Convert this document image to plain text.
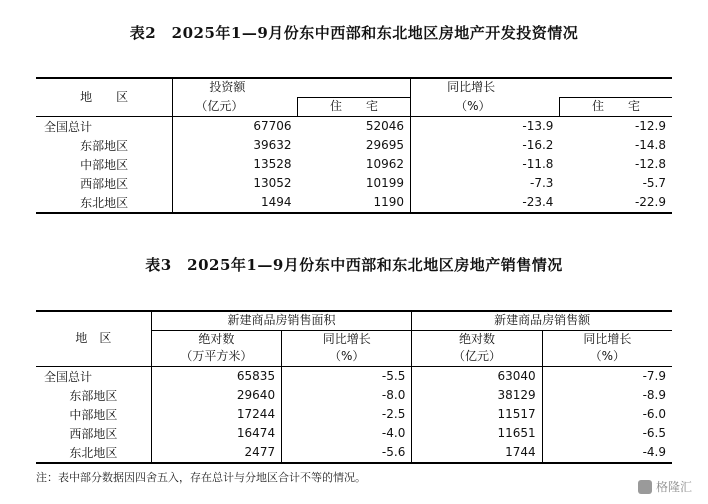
表2　2025年1—9月份东中西部和东北地区房地产开发投资情况
地　　区	投资额		同比增长	
	（亿元）	住　　宅	（%）	住　　宅
全国总计	67706	52046	-13.9	-12.9
东部地区	39632	29695	-16.2	-14.8
中部地区	13528	10962	-11.8	-12.8
西部地区	13052	10199	-7.3	-5.7
东北地区	1494	1190	-23.4	-22.9
表3　2025年1—9月份东中西部和东北地区房地产销售情况
地　区	新建商品房销售面积		新建商品房销售额	
	绝对数	同比增长	绝对数	同比增长
	（万平方米）	（%）	（亿元）	（%）
全国总计	65835	-5.5	63040	-7.9
东部地区	29640	-8.0	38129	-8.9
中部地区	17244	-2.5	11517	-6.0
西部地区	16474	-4.0	11651	-6.5
东北地区	2477	-5.6	1744	-4.9
注：表中部分数据因四舍五入，存在总计与分地区合计不等的情况。
格隆汇
